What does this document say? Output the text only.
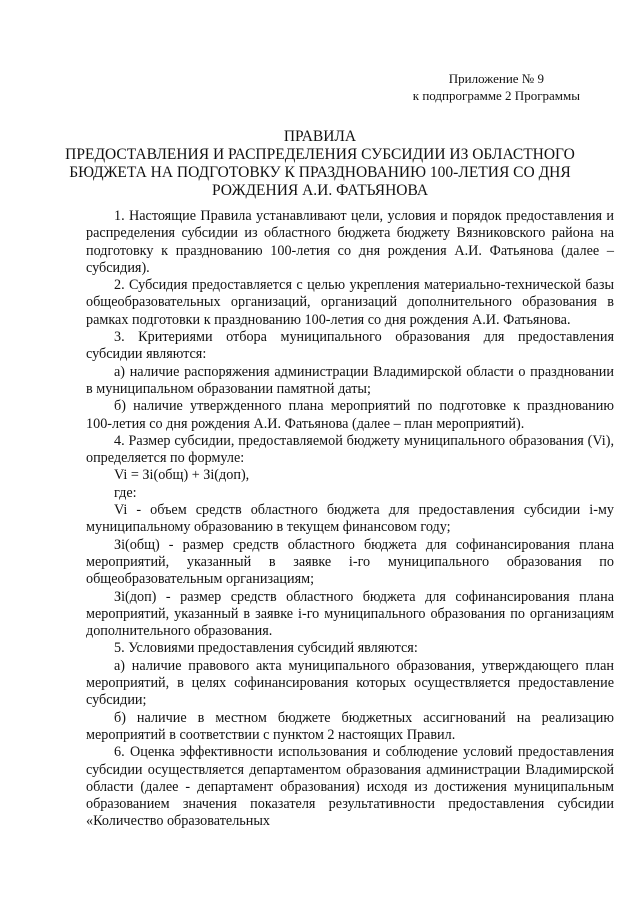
Приложение № 9
к подпрограмме 2 Программы
ПРАВИЛА
ПРЕДОСТАВЛЕНИЯ И РАСПРЕДЕЛЕНИЯ СУБСИДИИ ИЗ ОБЛАСТНОГО
БЮДЖЕТА НА ПОДГОТОВКУ К ПРАЗДНОВАНИЮ 100-ЛЕТИЯ СО ДНЯ
РОЖДЕНИЯ А.И. ФАТЬЯНОВА

1. Настоящие Правила устанавливают цели, условия и порядок предоставления и распределения субсидии из областного бюджета бюджету Вязниковского района на подготовку к празднованию 100-летия со дня рождения А.И. Фатьянова (далее – субсидия).

2. Субсидия предоставляется с целью укрепления материально-технической базы общеобразовательных организаций, организаций дополнительного образования в рамках подготовки к празднованию 100-летия со дня рождения А.И. Фатьянова.

3. Критериями отбора муниципального образования для предоставления субсидии являются:

а) наличие распоряжения администрации Владимирской области о праздновании в муниципальном образовании памятной даты;

б) наличие утвержденного плана мероприятий по подготовке к празднованию 100-летия со дня рождения А.И. Фатьянова (далее – план мероприятий).

4. Размер субсидии, предоставляемой бюджету муниципального образования (Vi), определяется по формуле:

Vi = Зi(общ) + Зi(доп),

где:

Vi - объем средств областного бюджета для предоставления субсидии i-му муниципальному образованию в текущем финансовом году;

Зi(общ) - размер средств областного бюджета для софинансирования плана мероприятий, указанный в заявке i-го муниципального образования по общеобразовательным организациям;

Зi(доп) - размер средств областного бюджета для софинансирования плана мероприятий, указанный в заявке i-го муниципального образования по организациям дополнительного образования.

5. Условиями предоставления субсидий являются:

а) наличие правового акта муниципального образования, утверждающего план мероприятий, в целях софинансирования которых осуществляется предоставление субсидии;

б) наличие в местном бюджете бюджетных ассигнований на реализацию мероприятий в соответствии с пунктом 2 настоящих Правил.

6. Оценка эффективности использования и соблюдение условий предоставления субсидии осуществляется департаментом образования администрации Владимирской области (далее - департамент образования) исходя из достижения муниципальным образованием значения показателя результативности предоставления субсидии «Количество образовательных
